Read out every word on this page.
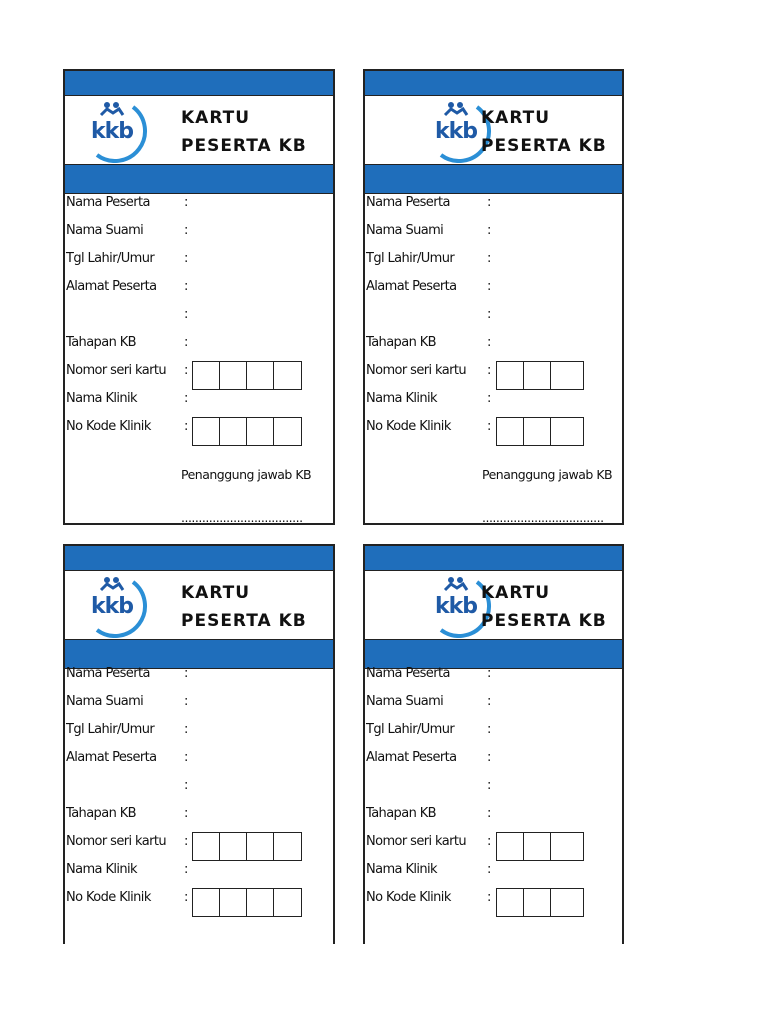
kkb
KARTU
PESERTA KB
Nama Peserta	:
Nama Suami	:
Tgl Lahir/Umur :
Alamat Peserta :
:
Tahapan KB	:
Nomor seri kartu :
Nama Klinik	:
No Kode Klinik	:
Penanggung jawab KB
...................................
kkb
KARTU
PESERTA KB
Nama Peserta	:
Nama Suami	:
Tgl Lahir/Umur	:
Alamat Peserta :
:
Tahapan KB	:
Nomor seri kartu :
Nama Klinik	:
No Kode Klinik	:
Penanggung jawab KB
...................................
kkb
KARTU
PESERTA KB
Nama Peserta	:
Nama Suami	:
Tgl Lahir/Umur :
Alamat Peserta :
:
Tahapan KB	:
Nomor seri kartu :
Nama Klinik	:
No Kode Klinik	:
kkb
KARTU
PESERTA KB
Nama Peserta	:
Nama Suami	:
Tgl Lahir/Umur	:
Alamat Peserta :
:
Tahapan KB	:
Nomor seri kartu :
Nama Klinik	:
No Kode Klinik	:
